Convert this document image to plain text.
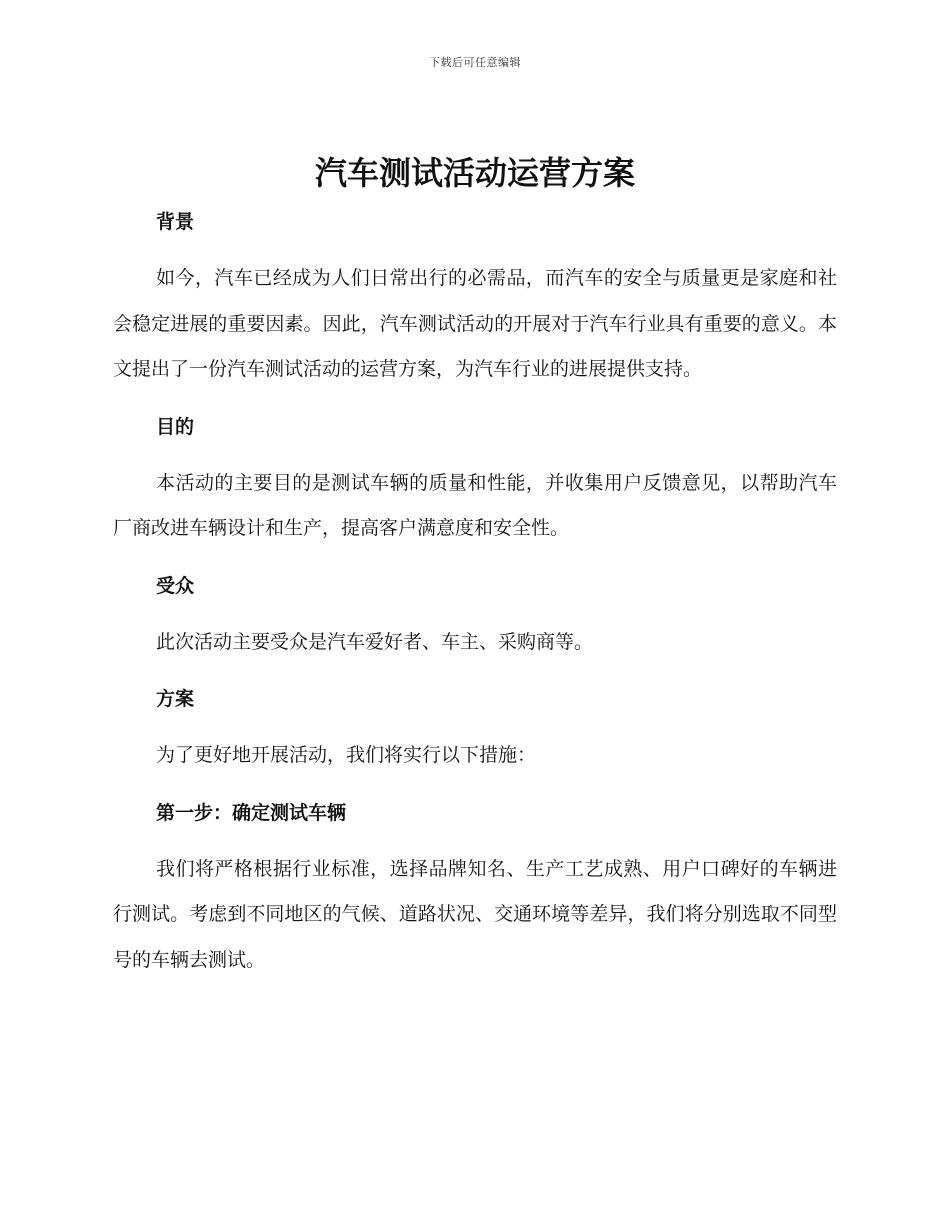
下载后可任意编辑
汽车测试活动运营方案
背景

如今，汽车已经成为人们日常出行的必需品，而汽车的安全与质量更是家庭和社会稳定进展的重要因素。因此，汽车测试活动的开展对于汽车行业具有重要的意义。本文提出了一份汽车测试活动的运营方案，为汽车行业的进展提供支持。

目的

本活动的主要目的是测试车辆的质量和性能，并收集用户反馈意见，以帮助汽车厂商改进车辆设计和生产，提高客户满意度和安全性。

受众

此次活动主要受众是汽车爱好者、车主、采购商等。

方案

为了更好地开展活动，我们将实行以下措施：

第一步：确定测试车辆

我们将严格根据行业标准，选择品牌知名、生产工艺成熟、用户口碑好的车辆进行测试。考虑到不同地区的气候、道路状况、交通环境等差异，我们将分别选取不同型号的车辆去测试。
